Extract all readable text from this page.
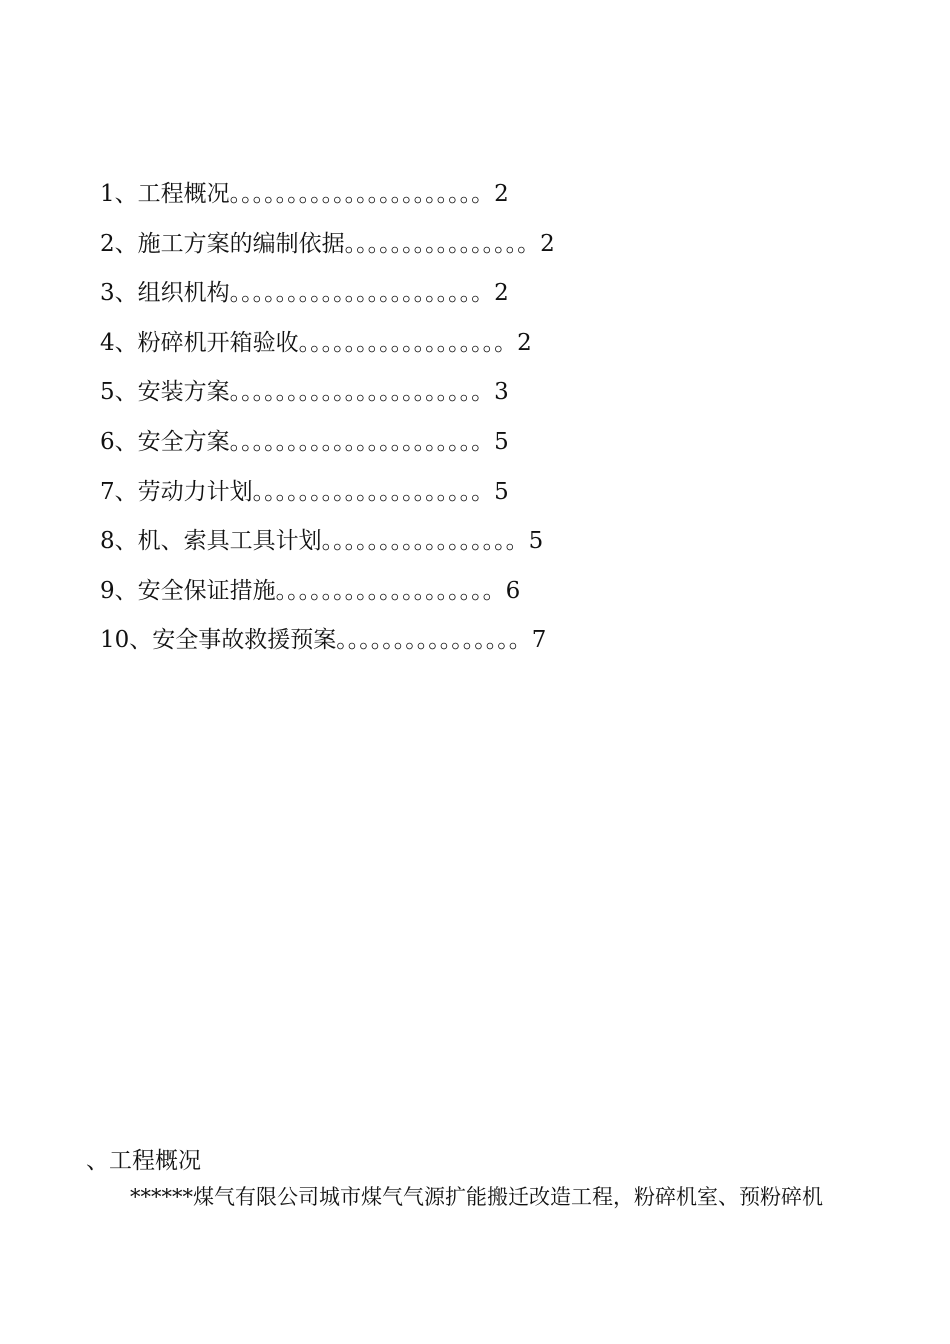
1、工程概况。。。。。。。。。。。。。。。。。。。。。。2
2、施工方案的编制依据。。。。。。。。。。。。。。。。2
3、组织机构。。。。。。。。。。。。。。。。。。。。。。2
4、粉碎机开箱验收。。。。。。。。。。。。。。。。。。2
5、安装方案。。。。。。。。。。。。。。。。。。。。。。3
6、安全方案。。。。。。。。。。。。。。。。。。。。。。5
7、劳动力计划。。。。。。。。。。。。。。。。。。。。5
8、机、索具工具计划。。。。。。。。。。。。。。。。。5
9、安全保证措施。。。。。。。。。。。。。。。。。。。6
10、安全事故救援预案。。。。。。。。。。。。。。。。7
、工程概况
******煤气有限公司城市煤气气源扩能搬迁改造工程，粉碎机室、预粉碎机
